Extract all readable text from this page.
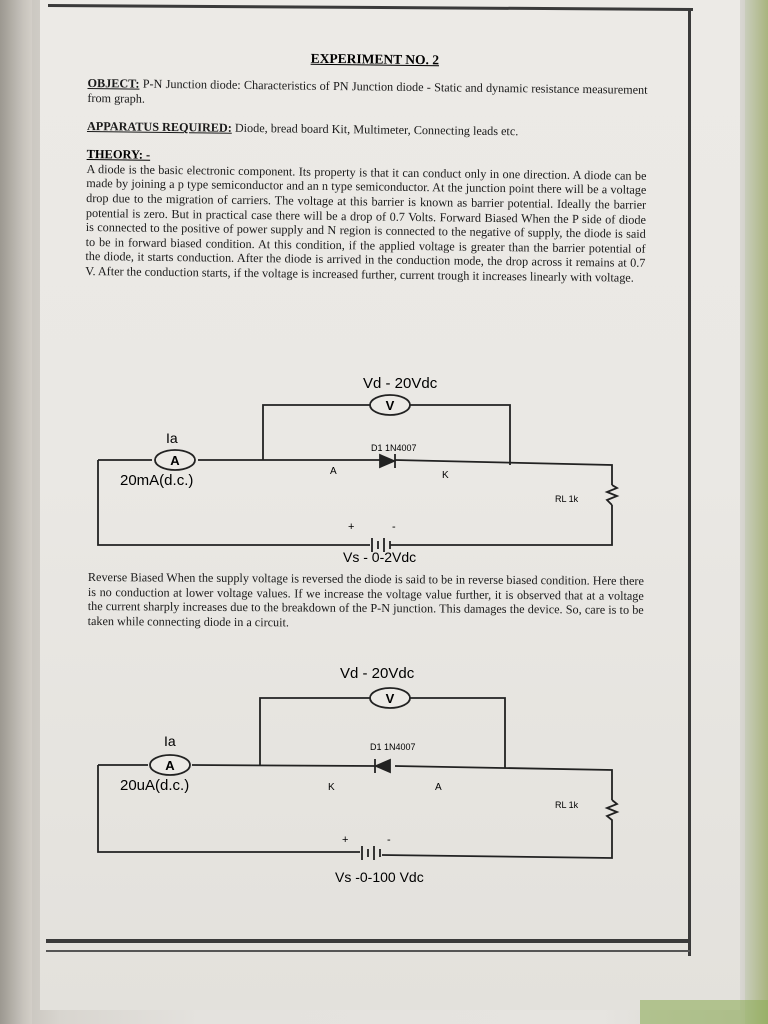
EXPERIMENT NO. 2

OBJECT: P-N Junction diode: Characteristics of PN Junction diode - Static and dynamic resistance measurement from graph.

APPARATUS REQUIRED: Diode, bread board Kit, Multimeter, Connecting leads etc.

THEORY: -

A diode is the basic electronic component. Its property is that it can conduct only in one direction. A diode can be made by joining a p type semiconductor and an n type semiconductor. At the junction point there will be a voltage drop due to the migration of carriers. The voltage at this barrier is known as barrier potential. Ideally the barrier potential is zero. But in practical case there will be a drop of 0.7 Volts. Forward Biased When the P side of diode is connected to the positive of power supply and N region is connected to the negative of supply, the diode is said to be in forward biased condition. At this condition, if the applied voltage is greater than the barrier potential of the diode, it starts conduction. After the diode is arrived in the conduction mode, the drop across it remains at 0.7 V. After the conduction starts, if the voltage is increased further, current trough it increases linearly with voltage.

V
A
Vd - 20Vdc
Ia
20mA(d.c.)
D1 1N4007
A	K
RL 1k
Vs - 0-2Vdc
+	-

Reverse Biased When the supply voltage is reversed the diode is said to be in reverse biased condition. Here there is no conduction at lower voltage values. If we increase the voltage value further, it is observed that at a voltage the current sharply increases due to the breakdown of the P-N junction. This damages the device. So, care is to be taken while connecting diode in a circuit.

V
A
Vd - 20Vdc
Ia
20uA(d.c.)
D1 1N4007
K	A
RL 1k
Vs -0-100 Vdc
+	-
